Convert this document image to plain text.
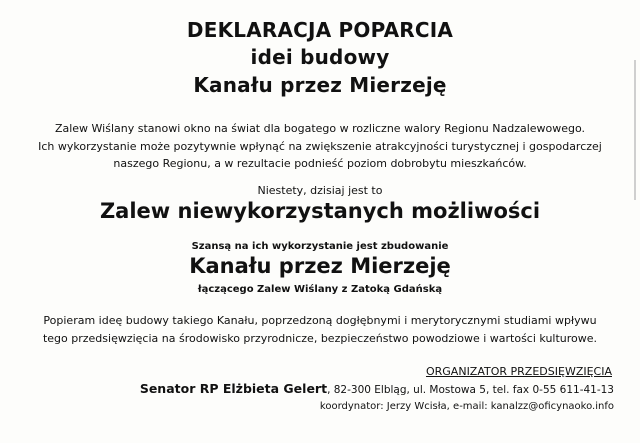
DEKLARACJA POPARCIA
idei budowy
Kanału przez Mierzeję
Zalew Wiślany stanowi okno na świat dla bogatego w rozliczne walory Regionu Nadzalewowego.
Ich wykorzystanie może pozytywnie wpłynąć na zwiększenie atrakcyjności turystycznej i gospodarczej
naszego Regionu, a w rezultacie podnieść poziom dobrobytu mieszkańców.
Niestety, dzisiaj jest to
Zalew niewykorzystanych możliwości
Szansą na ich wykorzystanie jest zbudowanie
Kanału przez Mierzeję
łączącego Zalew Wiślany z Zatoką Gdańską
Popieram ideę budowy takiego Kanału, poprzedzoną dogłębnymi i merytorycznymi studiami wpływu
tego przedsięwzięcia na środowisko przyrodnicze, bezpieczeństwo powodziowe i wartości kulturowe.
ORGANIZATOR PRZEDSIĘWZIĘCIA
Senator RP Elżbieta Gelert, 82-300 Elbląg, ul. Mostowa 5, tel. fax 0-55 611-41-13
koordynator: Jerzy Wcisła, e-mail: kanalzz@oficynaoko.info
